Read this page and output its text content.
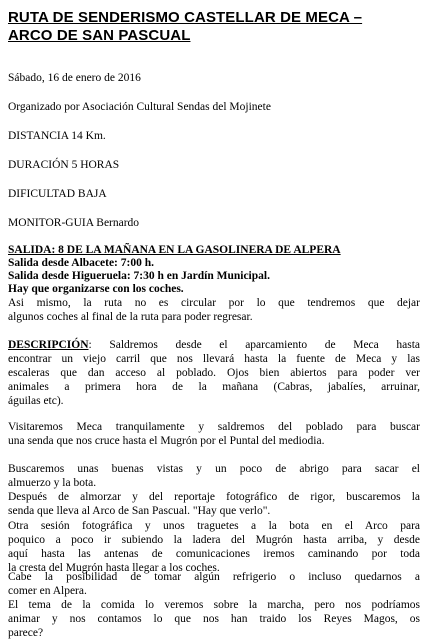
RUTA DE SENDERISMO CASTELLAR DE MECA –
ARCO DE SAN PASCUAL

Sábado, 16 de enero de 2016

Organizado por Asociación Cultural Sendas del Mojinete

DISTANCIA 14 Km.

DURACIÓN 5 HORAS

DIFICULTAD BAJA

MONITOR-GUIA Bernardo

SALIDA: 8 DE LA MAÑANA EN LA GASOLINERA DE ALPERA

Salida desde Albacete: 7:00 h.

Salida desde Higueruela: 7:30 h en Jardín Municipal.

Hay que organizarse con los coches.

Asi mismo, la ruta no es circular por lo que tendremos que dejar
algunos coches al final de la ruta para poder regresar.
DESCRIPCIÓN: Saldremos desde el aparcamiento de Meca hasta
encontrar un viejo carril que nos llevará hasta la fuente de Meca y las
escaleras que dan acceso al poblado. Ojos bien abiertos para poder ver
animales a primera hora de la mañana (Cabras, jabalíes, arruinar,
águilas etc).
Visitaremos Meca tranquilamente y saldremos del poblado para buscar
una senda que nos cruce hasta el Mugrón por el Puntal del mediodia.
Buscaremos unas buenas vistas y un poco de abrigo para sacar el
almuerzo y la bota.
Después de almorzar y del reportaje fotográfico de rigor, buscaremos la
senda que lleva al Arco de San Pascual. "Hay que verlo".
Otra sesión fotográfica y unos traguetes a la bota en el Arco para
poquico a poco ir subiendo la ladera del Mugrón hasta arriba, y desde
aquí hasta las antenas de comunicaciones iremos caminando por toda
la cresta del Mugrón hasta llegar a los coches.
Cabe la posibilidad de tomar algún refrigerio o incluso quedarnos a
comer en Alpera.
El tema de la comida lo veremos sobre la marcha, pero nos podríamos
animar y nos contamos lo que nos han traido los Reyes Magos, os
parece?
